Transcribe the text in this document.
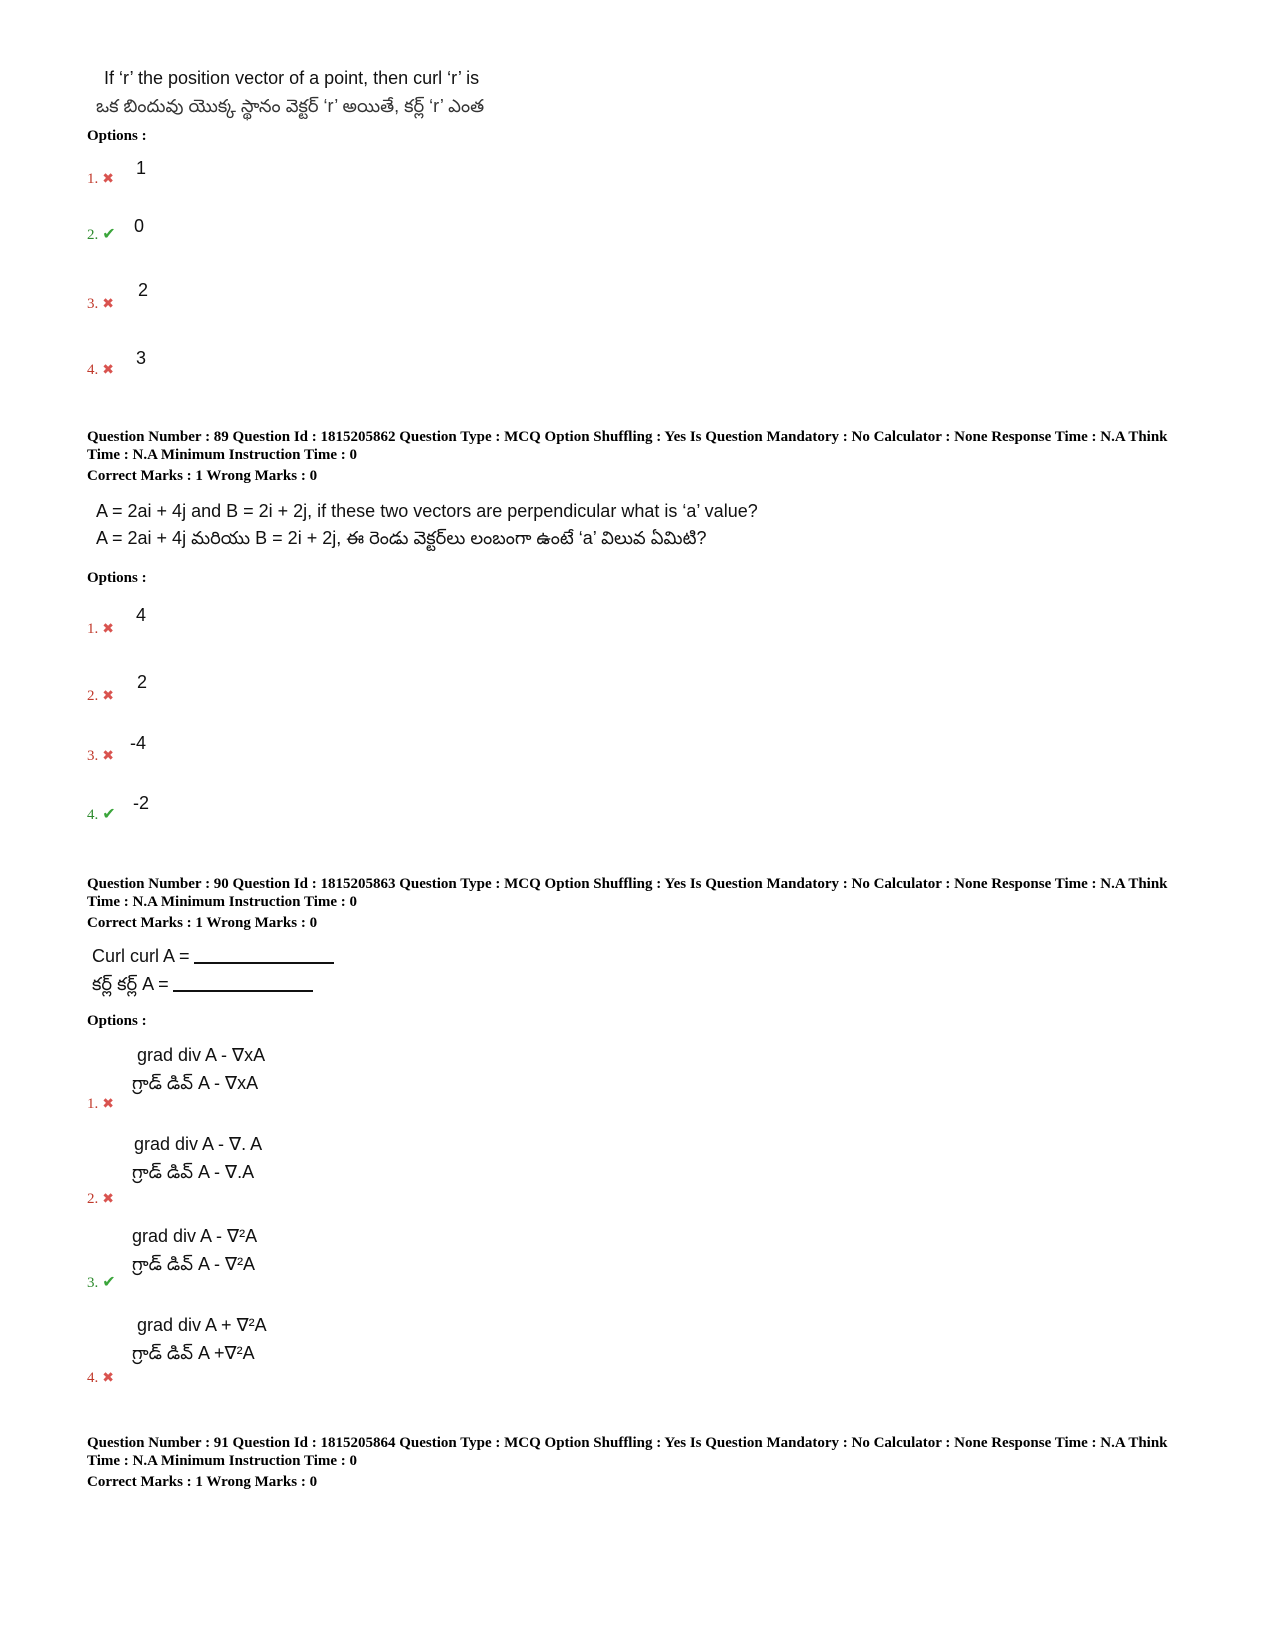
If ‘r’ the position vector of a point, then curl ‘r’ is
ఒక బిందువు యొక్క స్థానం వెక్టర్ ‘r’ అయితే, కర్ల్ ‘r’ ఎంత
Options :
1. ✖
1
2. ✔ 0
3. ✖
2
4. ✖
3
Question Number : 89 Question Id : 1815205862 Question Type : MCQ Option Shuffling : Yes Is Question Mandatory : No Calculator : None Response Time : N.A Think Time : N.A Minimum Instruction Time : 0
Correct Marks : 1 Wrong Marks : 0
A = 2ai + 4j and B = 2i + 2j, if these two vectors are perpendicular what is ‘a’ value?
A = 2ai + 4j మరియు B = 2i + 2j, ఈ రెండు వెక్టర్‌లు లంబంగా ఉంటే ‘a’ విలువ ఏమిటి?
Options :
1. ✖
4
2. ✖
2
3. ✖
-4
4. ✔
-2
Question Number : 90 Question Id : 1815205863 Question Type : MCQ Option Shuffling : Yes Is Question Mandatory : No Calculator : None Response Time : N.A Think Time : N.A Minimum Instruction Time : 0
Correct Marks : 1 Wrong Marks : 0
Curl curl A =
కర్ల్ కర్ల్ A =
Options :
grad div A - ∇xA
గ్రాడ్ డివ్ A - ∇xA
1. ✖
grad div A - ∇. A
గ్రాడ్ డివ్ A - ∇.A
2. ✖
grad div A - ∇²A
గ్రాడ్ డివ్ A - ∇²A
3. ✔
grad div A + ∇²A
గ్రాడ్ డివ్ A +∇²A
4. ✖
Question Number : 91 Question Id : 1815205864 Question Type : MCQ Option Shuffling : Yes Is Question Mandatory : No Calculator : None Response Time : N.A Think Time : N.A Minimum Instruction Time : 0
Correct Marks : 1 Wrong Marks : 0
